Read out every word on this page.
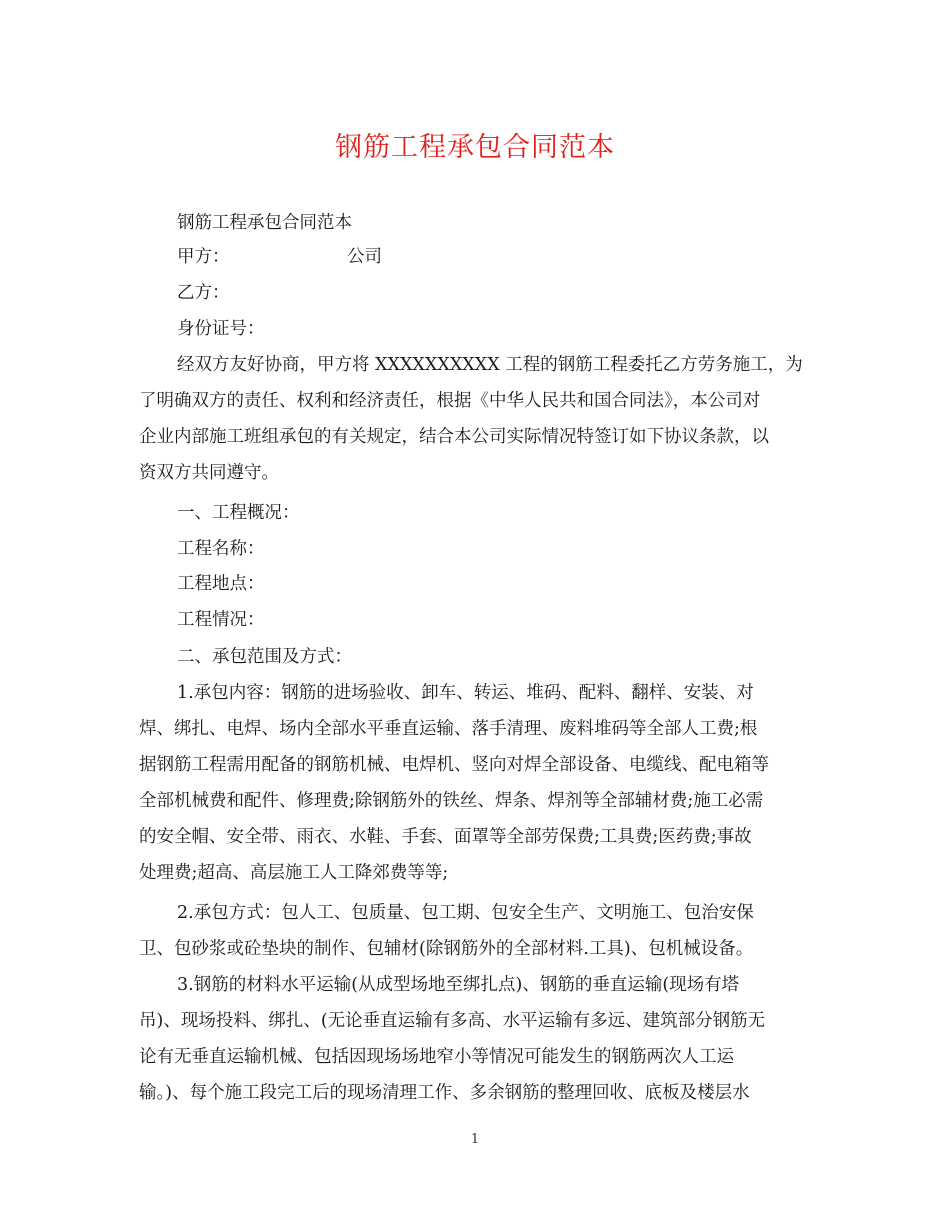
钢筋工程承包合同范本
钢筋工程承包合同范本
甲方：	公司
乙方：
身份证号：
经双方友好协商，甲方将 XXXXXXXXXX 工程的钢筋工程委托乙方劳务施工，为
了明确双方的责任、权利和经济责任，根据《中华人民共和国合同法》，本公司对
企业内部施工班组承包的有关规定，结合本公司实际情况特签订如下协议条款，以
资双方共同遵守。
一、工程概况：
工程名称：
工程地点：
工程情况：
二、承包范围及方式：
1.承包内容：钢筋的进场验收、卸车、转运、堆码、配料、翻样、安装、对
焊、绑扎、电焊、场内全部水平垂直运输、落手清理、废料堆码等全部人工费;根
据钢筋工程需用配备的钢筋机械、电焊机、竖向对焊全部设备、电缆线、配电箱等
全部机械费和配件、修理费;除钢筋外的铁丝、焊条、焊剂等全部辅材费;施工必需
的安全帽、安全带、雨衣、水鞋、手套、面罩等全部劳保费;工具费;医药费;事故
处理费;超高、高层施工人工降郊费等等;
2.承包方式：包人工、包质量、包工期、包安全生产、文明施工、包治安保
卫、包砂浆或砼垫块的制作、包辅材(除钢筋外的全部材料.工具)、包机械设备。
3.钢筋的材料水平运输(从成型场地至绑扎点)、钢筋的垂直运输(现场有塔
吊)、现场投料、绑扎、(无论垂直运输有多高、水平运输有多远、建筑部分钢筋无
论有无垂直运输机械、包括因现场场地窄小等情况可能发生的钢筋两次人工运
输。)、每个施工段完工后的现场清理工作、多余钢筋的整理回收、底板及楼层水
1
